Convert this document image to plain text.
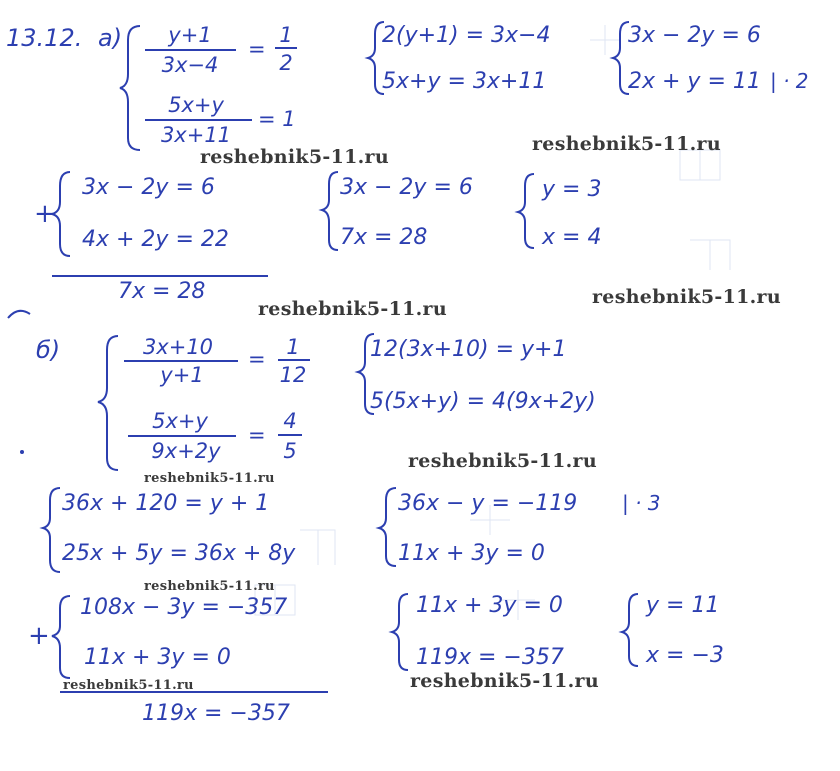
13.12. а) y+1
3x−4
=
1
2
5x+y
3x+11
= 1
2(y+1) = 3x−4
5x+y = 3x+11
3x − 2y = 6
2x + y = 11 | · 2
+
3x − 2y = 6
4x + 2y = 22
7x = 28
3x − 2y = 6
7x = 28
y = 3
x = 4
б)	3x+10
y+1
= 1
12
5x+y
9x+2y
=
4
5
12(3x+10) = y+1
5(5x+y) = 4(9x+2y)
36x + 120 = y + 1
25x + 5y = 36x + 8y
36x − y = −119
11x + 3y = 0
| · 3
+
108x − 3y = −357
11x + 3y = 0
119x = −357
11x + 3y = 0
119x = −357
y = 11
x = −3
reshebnik5-11.ru
reshebnik5-11.ru
reshebnik5-11.ru
reshebnik5-11.ru
reshebnik5-11.ru
reshebnik5-11.ru
reshebnik5-11.ru
reshebnik5-11.ru	reshebnik5-11.ru
